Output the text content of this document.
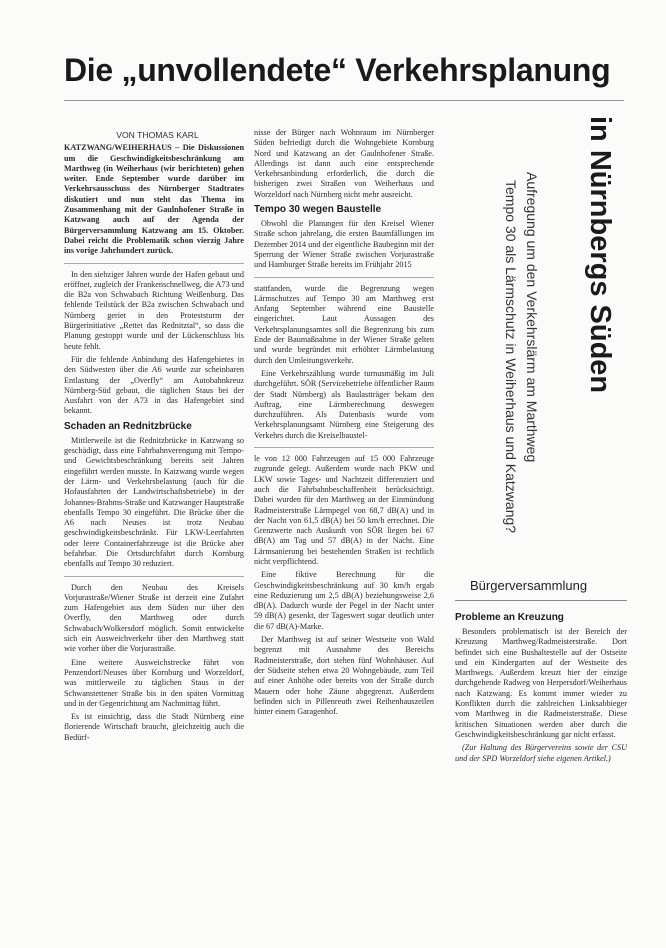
Die „unvollendete“ Verkehrsplanung
in Nürnbergs Süden
Aufregung um den Verkehrslärm am Marthweg
Tempo 30 als Lärmschutz in Weiherhaus und Katzwang?

VON THOMAS KARL

KATZWANG/WEIHERHAUS – Die Diskussionen um die Geschwindigkeitsbeschränkung am Marthweg (in Weiherhaus (wir berichteten) gehen weiter. Ende September wurde darüber im Verkehrsausschuss des Nürnberger Stadtrates diskutiert und nun steht das Thema im Zusammenhang mit der Gaulnhofener Straße in Katzwang auch auf der Agenda der Bürgerversammlung Katzwang am 15. Oktober. Dabei reicht die Problematik schon vierzig Jahre ins vorige Jahrhundert zurück.

In den siebziger Jahren wurde der Hafen gebaut und eröffnet, zugleich der Frankenschnellweg, die A73 und die B2a von Schwabach Richtung Weißenburg. Das fehlende Teilstück der B2a zwischen Schwabach und Nürnberg geriet in den Proteststurm der Bürgerinitiative „Rettet das Rednitztal“, so dass die Planung gestoppt wurde und der Lückenschluss bis heute fehlt.

Für die fehlende Anbindung des Hafengebietes in den Südwesten über die A6 wurde zur scheinbaren Entlastung der „Overfly“ am Autobahnkreuz Nürnberg-Süd gebaut, die täglichen Staus bei der Ausfahrt von der A73 in das Hafengebiet sind bekannt.

Schaden an Rednitzbrücke

Mittlerweile ist die Rednitzbrücke in Katzwang so geschädigt, dass eine Fahrbahnverengung mit Tempo- und Gewichtsbeschränkung bereits seit Jahren eingeführt werden musste. In Katzwang wurde wegen der Lärm- und Verkehrsbelastung (auch für die Hofausfahrten der Landwirtschaftsbetriebe) in der Johannes-Brahms-Straße und Katzwanger Hauptstraße ebenfalls Tempo 30 eingeführt. Die Brücke über die A6 nach Neuses ist trotz Neubau geschwindigkeitsbeschränkt. Für LKW-Leerfahrten oder leere Containerfahrzeuge ist die Brücke aber befahrbar. Die Ortsdurchfahrt durch Kornburg ebenfalls auf Tempo 30 reduziert.

Durch den Neubau des Kreisels Vorjurastraße/Wiener Straße ist derzeit eine Zufahrt zum Hafengebiet aus dem Süden nur über den Overfly, den Marthweg oder durch Schwabach/Wolkersdorf möglich. Somit entwickelte sich ein Ausweichverkehr über den Marthweg statt wie vorher über die Vorjurastraße.

Eine weitere Ausweichstrecke führt von Penzendorf/Neuses über Kornburg und Worzeldorf, was mittlerweile zu täglichen Staus in der Schwanstettener Straße bis in den späten Vormittag und in der Gegenrichtung am Nachmittag führt.

Es ist einsichtig, dass die Stadt Nürnberg eine florierende Wirtschaft braucht, gleichzeitig auch die Bedürf-

nisse der Bürger nach Wohnraum im Nürnberger Süden befriedigt durch die Wohngebiete Kornburg Nord und Katzwang an der Gaulnhofener Straße. Allerdings ist dann auch eine entsprechende Verkehrsanbindung erforderlich, die durch die bisherigen zwei Straßen von Weiherhaus und Worzeldorf nach Nürnberg nicht mehr ausreicht.

Tempo 30 wegen Baustelle

Obwohl die Planungen für den Kreisel Wiener Straße schon jahrelang, die ersten Baumfällungen im Dezember 2014 und der eigentliche Baubeginn mit der Sperrung der Wiener Straße zwischen Vorjurastraße und Hamburger Straße bereits im Frühjahr 2015

stattfanden, wurde die Begrenzung wegen Lärmschutzes auf Tempo 30 am Marthweg erst Anfang September während eine Baustelle eingerichtet. Laut Aussagen des Verkehrsplanungsamtes soll die Begrenzung bis zum Ende der Baumaßnahme in der Wiener Straße gelten und wurde begründet mit erhöhter Lärmbelastung durch den Umleitungsverkehr.

Eine Verkehrszählung wurde turnusmäßig im Juli durchgeführt. SÖR (Servicebetriebe öffentlicher Raum der Stadt Nürnberg) als Baulastträger bekam den Auftrag, eine Lärmberechnung deswegen durchzuführen. Als Datenbasis wurde vom Verkehrsplanungsamt Nürnberg eine Steigerung des Verkehrs durch die Kreiselbaustel-

le von 12 000 Fahrzeugen auf 15 000 Fahrzeuge zugrunde gelegt. Außerdem wurde nach PKW und LKW sowie Tages- und Nachtzeit differenziert und auch die Fahrbahnbeschaffenheit berücksichtigt. Dabei wurden für den Marthweg an der Einmündung Radmeisterstraße Lärmpegel von 68,7 dB(A) und in der Nacht von 61,5 dB(A) bei 50 km/h errechnet. Die Grenzwerte nach Auskunft von SÖR liegen bei 67 dB(A) am Tag und 57 dB(A) in der Nacht. Eine Lärmsanierung bei bestehenden Straßen ist rechtlich nicht verpflichtend.

Eine fiktive Berechnung für die Geschwindigkeitsbeschränkung auf 30 km/h ergab eine Reduzierung um 2,5 dB(A) beziehungsweise 2,6 dB(A). Dadurch wurde der Pegel in der Nacht unter 59 dB(A) gesenkt, der Tageswert sogar deutlich unter die 67 dB(A)-Marke.

Der Marthweg ist auf seiner Westseite von Wald begrenzt mit Ausnahme des Bereichs Radmeisterstraße, dort stehen fünf Wohnhäuser. Auf der Südseite stehen etwa 20 Wohngebäude, zum Teil auf einer Anhöhe oder bereits von der Straße durch Mauern oder hohe Zäune abgegrenzt. Außerdem befinden sich in Pillenreuth zwei Reihenhauszeilen hinter einem Garagenhof.

Bürgerversammlung
Probleme an Kreuzung

Besonders problematisch ist der Bereich der Kreuzung Marthweg/Radmeisterstraße. Dort befindet sich eine Bushaltestelle auf der Ostseite und ein Kindergarten auf der Westseite des Marthwegs. Außerdem kreuzt hier der einzige durchgehende Radweg von Herpersdorf/Weiherhaus nach Katzwang. Es kommt immer wieder zu Konflikten durch die zahlreichen Linksabbieger vom Marthweg in die Radmeisterstraße. Diese kritischen Situationen werden aber durch die Geschwindigkeitsbeschränkung gar nicht erfasst.

(Zur Haltung des Bürgervereins sowie der CSU und der SPD Worzeldorf siehe eigenen Artikel.)
